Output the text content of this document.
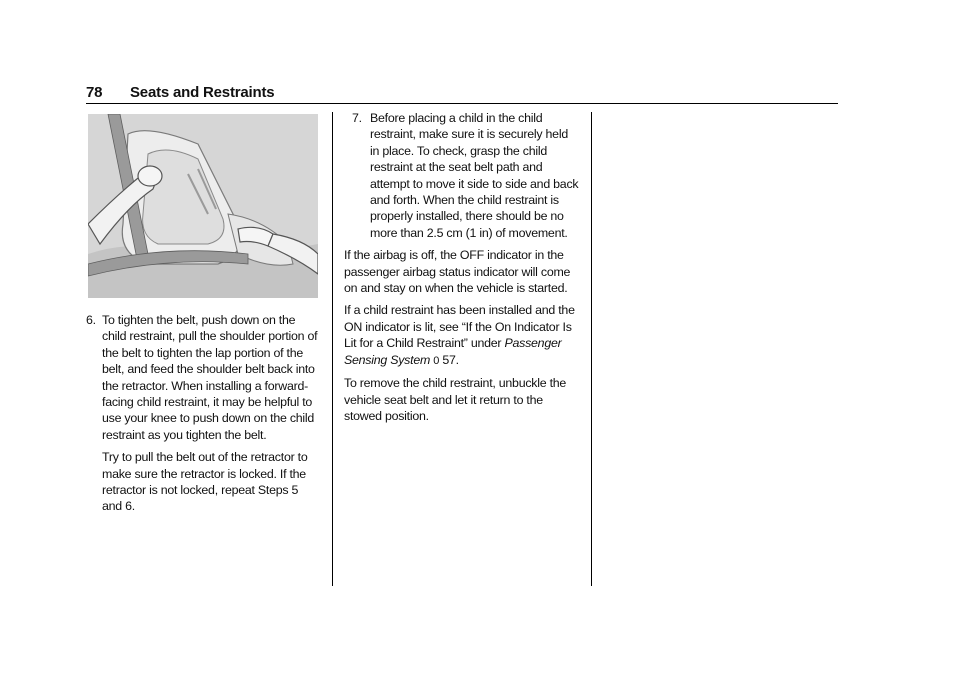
78 Seats and Restraints

6. To tighten the belt, push down on the child restraint, pull the shoulder portion of the belt to tighten the lap portion of the belt, and feed the shoulder belt back into the retractor. When installing a forward-facing child restraint, it may be helpful to use your knee to push down on the child restraint as you tighten the belt.

Try to pull the belt out of the retractor to make sure the retractor is locked. If the retractor is not locked, repeat Steps 5 and 6.

7. Before placing a child in the child restraint, make sure it is securely held in place. To check, grasp the child restraint at the seat belt path and attempt to move it side to side and back and forth. When the child restraint is properly installed, there should be no more than 2.5 cm (1 in) of movement.

If the airbag is off, the OFF indicator in the passenger airbag status indicator will come on and stay on when the vehicle is started.

If a child restraint has been installed and the ON indicator is lit, see “If the On Indicator Is Lit for a Child Restraint” under Passenger Sensing System 0 57.

To remove the child restraint, unbuckle the vehicle seat belt and let it return to the stowed position.
